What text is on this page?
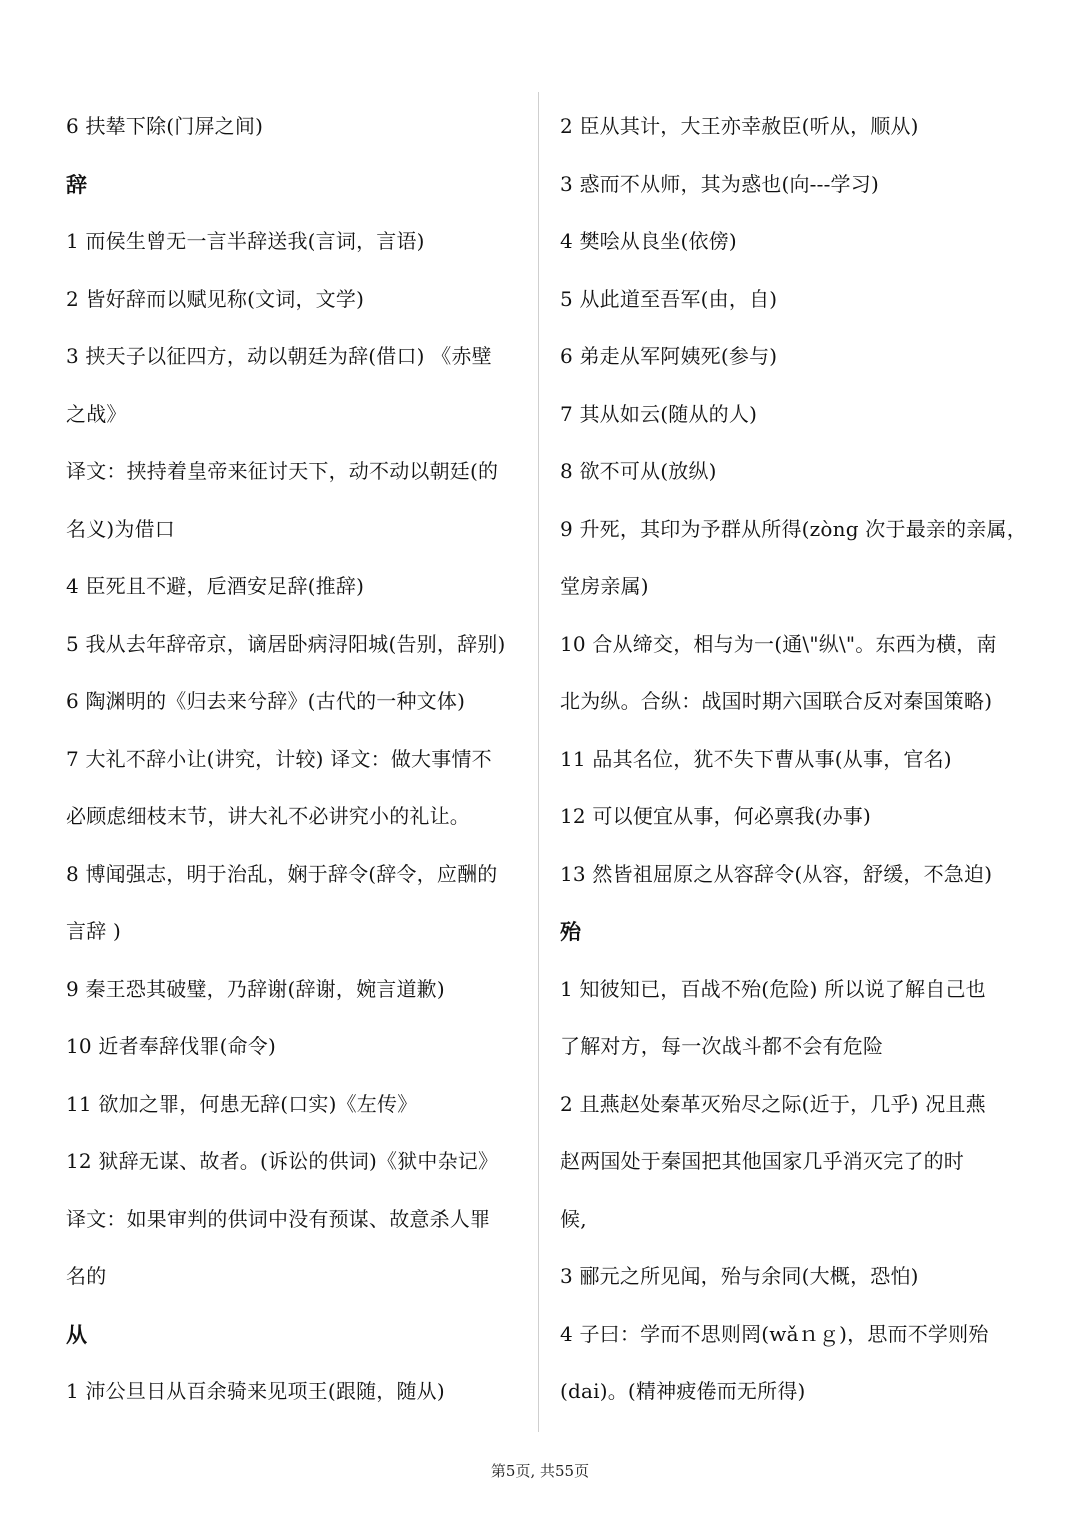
6 扶辇下除(门屏之间)
辞
1 而侯生曾无一言半辞送我(言词，言语)
2 皆好辞而以赋见称(文词，文学)
3 挟天子以征四方，动以朝廷为辞(借口) 《赤壁
之战》
译文：挟持着皇帝来征讨天下，动不动以朝廷(的
名义)为借口
4 臣死且不避，卮酒安足辞(推辞)
5 我从去年辞帝京，谪居卧病浔阳城(告别，辞别)
6 陶渊明的《归去来兮辞》(古代的一种文体)
7 大礼不辞小让(讲究，计较) 译文：做大事情不
必顾虑细枝末节，讲大礼不必讲究小的礼让。
8 博闻强志，明于治乱，娴于辞令(辞令，应酬的
言辞 )
9 秦王恐其破璧，乃辞谢(辞谢，婉言道歉)
10 近者奉辞伐罪(命令)
11 欲加之罪，何患无辞(口实)《左传》
12 狱辞无谋、故者。(诉讼的供词)《狱中杂记》
译文：如果审判的供词中没有预谋、故意杀人罪
名的
从
1 沛公旦日从百余骑来见项王(跟随，随从)
2 臣从其计，大王亦幸赦臣(听从，顺从)
3 惑而不从师，其为惑也(向---学习)
4 樊哙从良坐(依傍)
5 从此道至吾军(由，自)
6 弟走从军阿姨死(参与)
7 其从如云(随从的人)
8 欲不可从(放纵)
9 升死，其印为予群从所得(zòng 次于最亲的亲属，
堂房亲属)
10 合从缔交，相与为一(通\"纵\"。东西为横，南
北为纵。合纵：战国时期六国联合反对秦国策略)
11 品其名位，犹不失下曹从事(从事，官名)
12 可以便宜从事，何必禀我(办事)
13 然皆祖屈原之从容辞令(从容，舒缓，不急迫)
殆
1 知彼知已，百战不殆(危险) 所以说了解自己也
了解对方，每一次战斗都不会有危险
2 且燕赵处秦革灭殆尽之际(近于，几乎) 况且燕
赵两国处于秦国把其他国家几乎消灭完了的时
候,
3 郦元之所见闻，殆与余同(大概，恐怕)
4 子曰：学而不思则罔(wǎｎｇ)，思而不学则殆
(dai)。(精神疲倦而无所得)
第5页, 共55页
